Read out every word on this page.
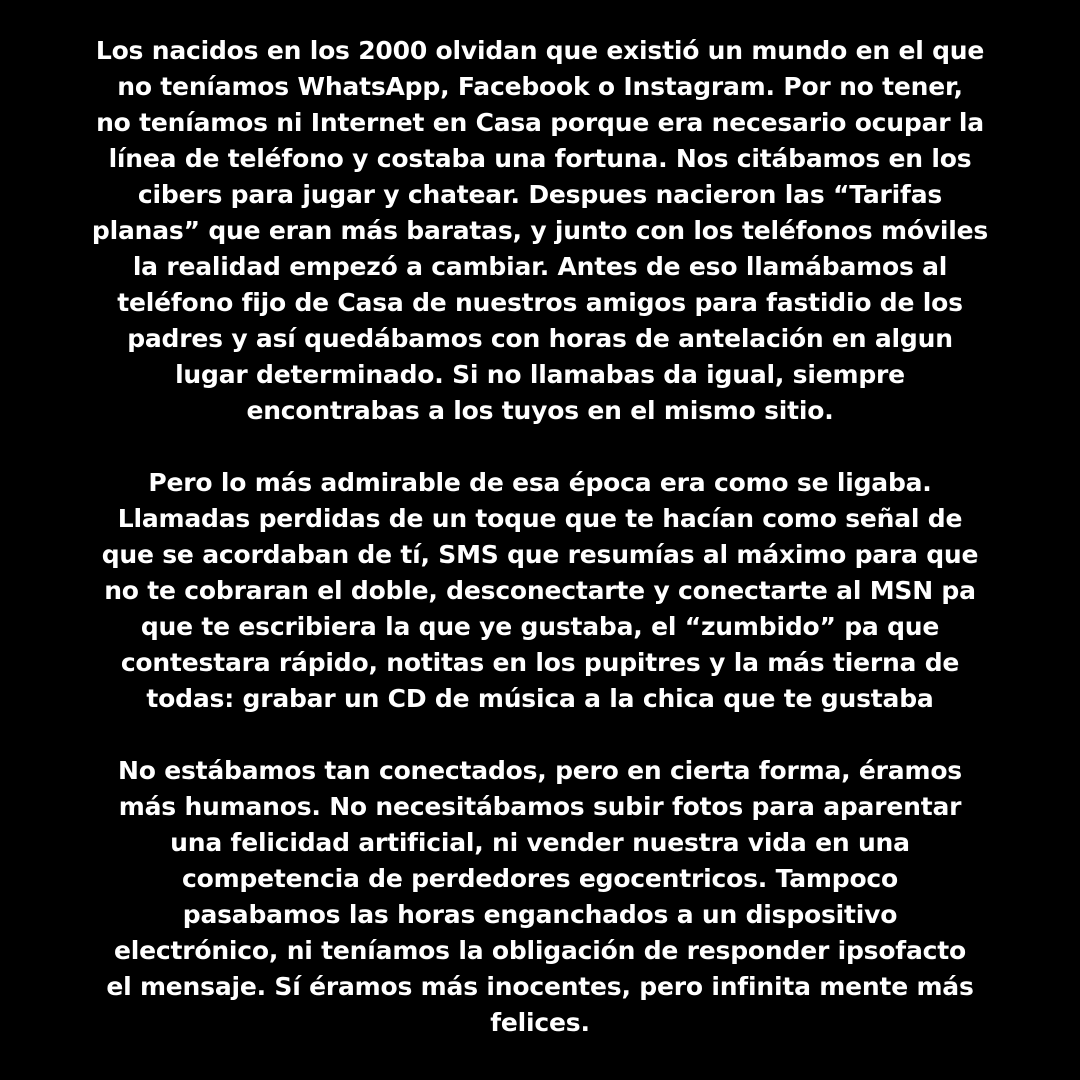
Los nacidos en los 2000 olvidan que existió un mundo en el que
no teníamos WhatsApp, Facebook o Instagram. Por no tener,
no teníamos ni Internet en Casa porque era necesario ocupar la
línea de teléfono y costaba una fortuna. Nos citábamos en los
cibers para jugar y chatear. Despues nacieron las “Tarifas
planas” que eran más baratas, y junto con los teléfonos móviles
la realidad empezó a cambiar. Antes de eso llamábamos al
teléfono fijo de Casa de nuestros amigos para fastidio de los
padres y así quedábamos con horas de antelación en algun
lugar determinado. Si no llamabas da igual, siempre
encontrabas a los tuyos en el mismo sitio.

Pero lo más admirable de esa época era como se ligaba.
Llamadas perdidas de un toque que te hacían como señal de
que se acordaban de tí, SMS que resumías al máximo para que
no te cobraran el doble, desconectarte y conectarte al MSN pa
que te escribiera la que ye gustaba, el “zumbido” pa que
contestara rápido, notitas en los pupitres y la más tierna de
todas: grabar un CD de música a la chica que te gustaba

No estábamos tan conectados, pero en cierta forma, éramos
más humanos. No necesitábamos subir fotos para aparentar
una felicidad artificial, ni vender nuestra vida en una
competencia de perdedores egocentricos. Tampoco
pasabamos las horas enganchados a un dispositivo
electrónico, ni teníamos la obligación de responder ipsofacto
el mensaje. Sí éramos más inocentes, pero infinita mente más
felices.
